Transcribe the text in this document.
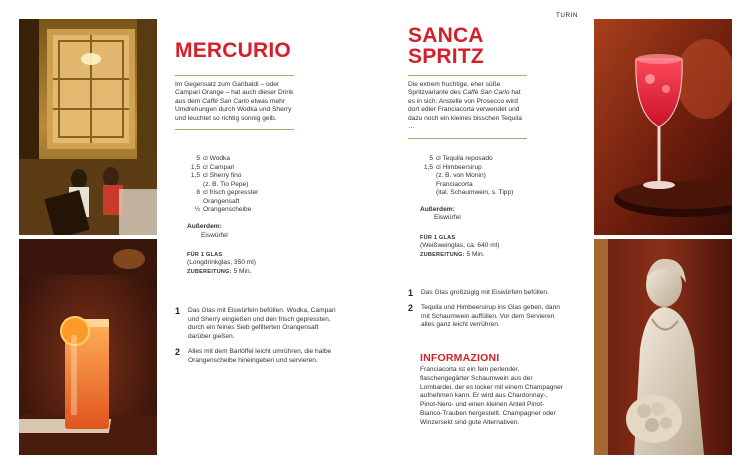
TURIN
MERCURIO
Im Gegensatz zum Garibaldi – oder Campari Orange – hat auch dieser Drink aus dem Caffè San Carlo etwas mehr Umdrehungen durch Wodka und Sherry und leuchtet so richtig sonnig gelb.
5 cl Wodka
1,5 cl Campari
1,5 cl Sherry fino
(z. B. Tio Pepe)
8 cl frisch gepresster
Orangensaft
½ Orangenscheibe
Außerdem:
Eiswürfel
FÜR 1 GLAS
(Longdrinkglas, 350 ml)
ZUBEREITUNG: 5 Min.
1	Das Glas mit Eiswürfeln befüllen. Wodka, Campari und Sherry eingießen und den frisch gepressten, durch ein feines Sieb gefilterten Orangensaft darüber gießen.
2	Alles mit dem Barlöffel leicht umrühren, die halbe Orangenscheibe hineingeben und servieren.
SANCA
SPRITZ
Die extrem fruchtige, eher süße Spritzvariante des Caffè San Carlo hat es in sich: Anstelle von Prosecco wird dort edler Franciacorta verwendet und dazu noch ein kleines bisschen Tequila …
5 cl Tequila reposado
1,5 cl Himbeersirup
(z. B. von Monin)
Franciacorta
(ital. Schaumwein, s. Tipp)
Außerdem:
Eiswürfel
FÜR 1 GLAS
(Weißweinglas, ca. 640 ml)
ZUBEREITUNG: 5 Min.
1	Das Glas großzügig mit Eiswürfeln befüllen.
2	Tequila und Himbeersirup ins Glas geben, dann mit Schaumwein auffüllen. Vor dem Servieren alles ganz leicht verrühren.
INFORMAZIONI
Franciacorta ist ein fein perlender, flaschengegärter Schaumwein aus der Lombardei, der es locker mit einem Champagner aufnehmen kann. Er wird aus Chardonnay-, Pinot-Nero- und einen kleinen Anteil Pinot-Bianco-Trauben hergestellt. Champagner oder Winzersekt sind gute Alternativen.
